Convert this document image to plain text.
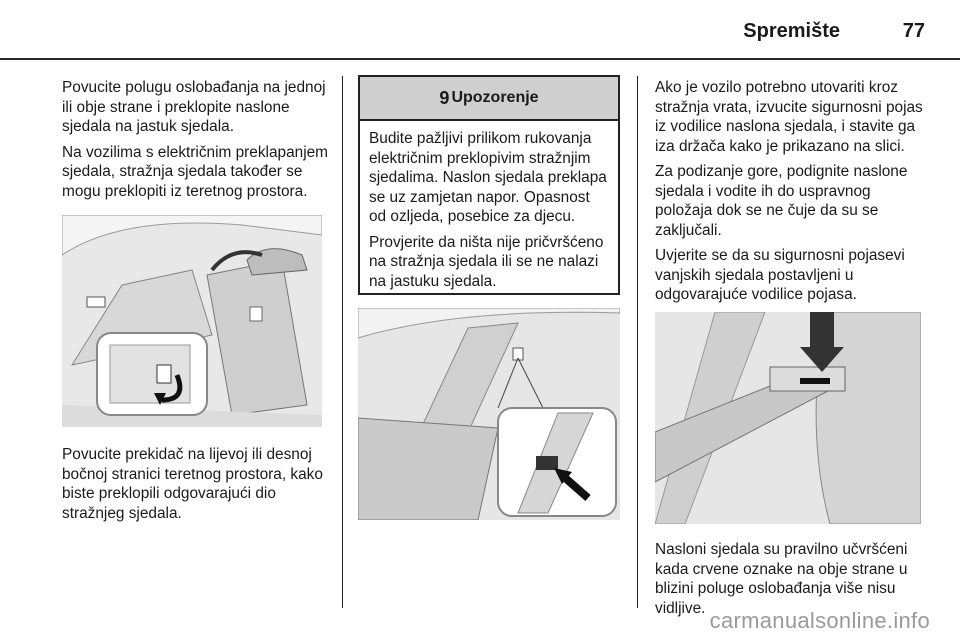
Spremište	77

Povucite polugu oslobađanja na jednoj ili obje strane i preklopite naslone sjedala na jastuk sjedala.

Na vozilima s električnim preklapanjem sjedala, stražnja sjedala također se mogu preklopiti iz teretnog prostora.

Povucite prekidač na lijevoj ili desnoj bočnoj stranici teretnog prostora, kako biste preklopili odgovarajući dio stražnjeg sjedala.

9 Upozorenje

Budite pažljivi prilikom rukovanja električnim preklopivim stražnjim sjedalima. Naslon sjedala preklapa se uz zamjetan napor. Opasnost od ozljeda, posebice za djecu.

Provjerite da ništa nije pričvršćeno na stražnja sjedala ili se ne nalazi na jastuku sjedala.

Ako je vozilo potrebno utovariti kroz stražnja vrata, izvucite sigurnosni pojas iz vodilice naslona sjedala, i stavite ga iza držača kako je prikazano na slici.

Za podizanje gore, podignite naslone sjedala i vodite ih do uspravnog položaja dok se ne čuje da su se zaključali.

Uvjerite se da su sigurnosni pojasevi vanjskih sjedala postavljeni u odgovarajuće vodilice pojasa.

Nasloni sjedala su pravilno učvršćeni kada crvene oznake na obje strane u blizini poluge oslobađanja više nisu vidljive. carmanualsonline.info
